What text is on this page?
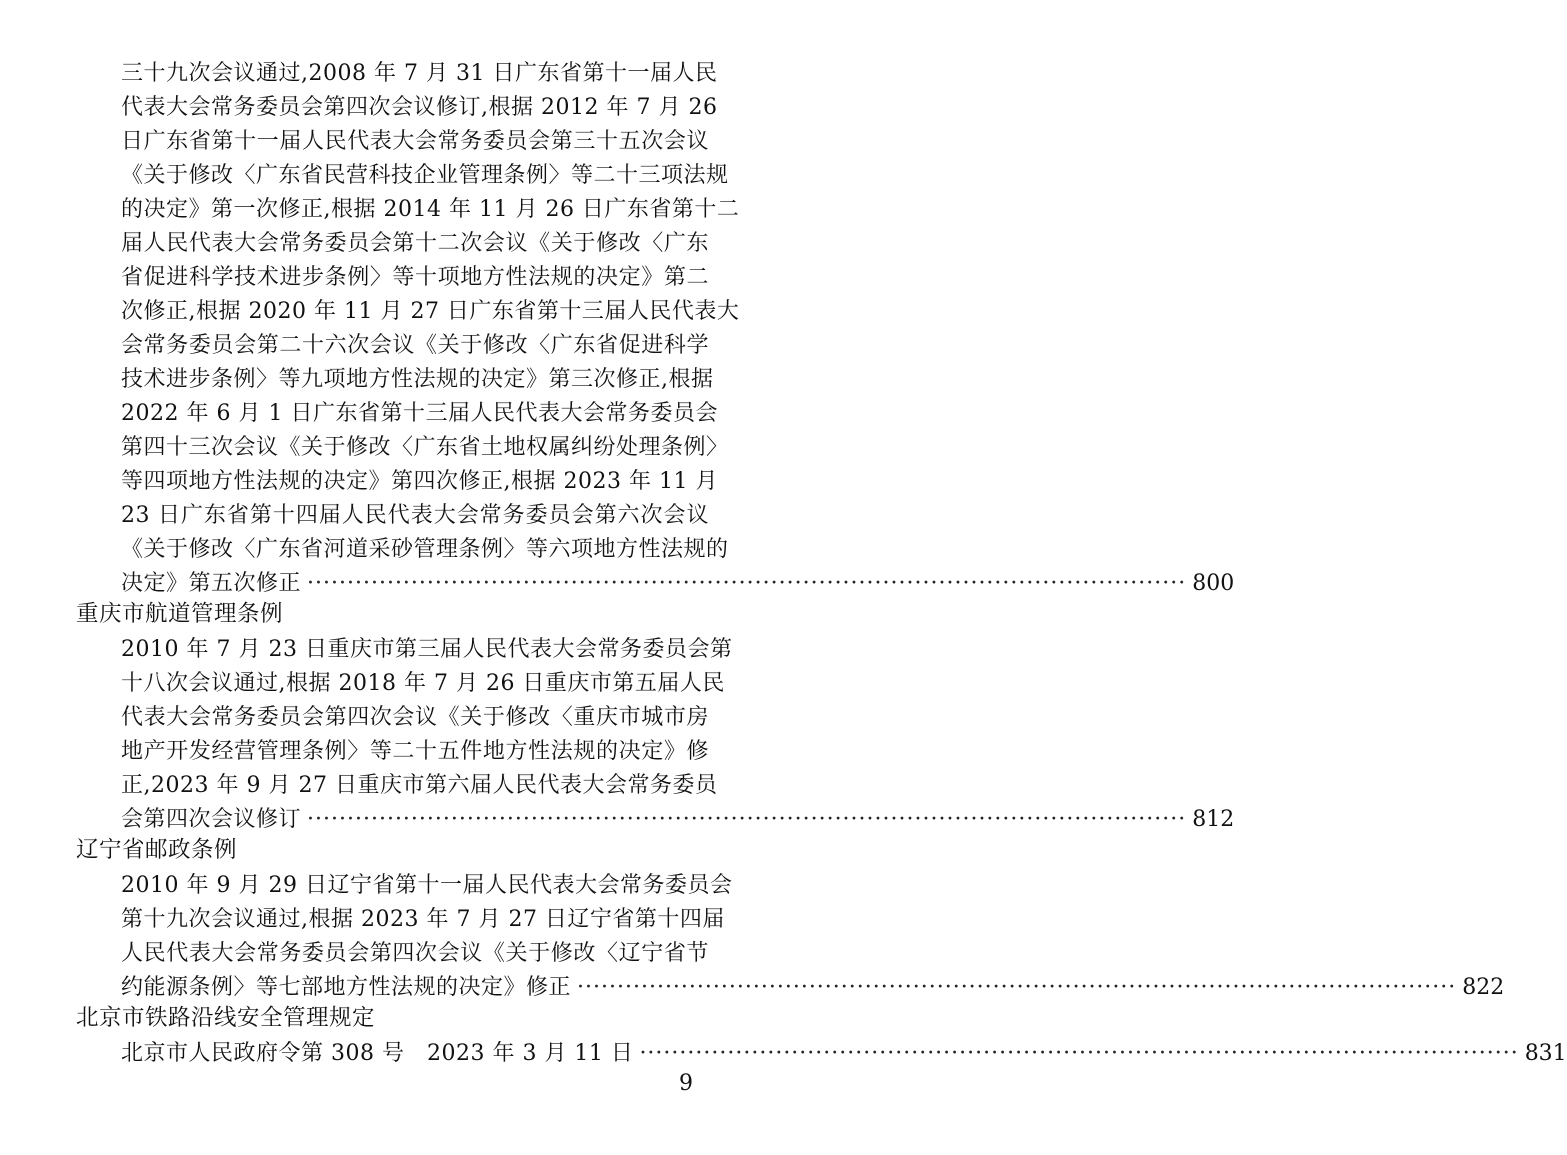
三十九次会议通过,2008 年 7 月 31 日广东省第十一届人民
代表大会常务委员会第四次会议修订,根据 2012 年 7 月 26
日广东省第十一届人民代表大会常务委员会第三十五次会议
《关于修改〈广东省民营科技企业管理条例〉等二十三项法规
的决定》第一次修正,根据 2014 年 11 月 26 日广东省第十二
届人民代表大会常务委员会第十二次会议《关于修改〈广东
省促进科学技术进步条例〉等十项地方性法规的决定》第二
次修正,根据 2020 年 11 月 27 日广东省第十三届人民代表大
会常务委员会第二十六次会议《关于修改〈广东省促进科学
技术进步条例〉等九项地方性法规的决定》第三次修正,根据
2022 年 6 月 1 日广东省第十三届人民代表大会常务委员会
第四十三次会议《关于修改〈广东省土地权属纠纷处理条例〉
等四项地方性法规的决定》第四次修正,根据 2023 年 11 月
23 日广东省第十四届人民代表大会常务委员会第六次会议
《关于修改〈广东省河道采砂管理条例〉等六项地方性法规的
决定》第五次修正 ·············································································································· 800
重庆市航道管理条例
2010 年 7 月 23 日重庆市第三届人民代表大会常务委员会第
十八次会议通过,根据 2018 年 7 月 26 日重庆市第五届人民
代表大会常务委员会第四次会议《关于修改〈重庆市城市房
地产开发经营管理条例〉等二十五件地方性法规的决定》修
正,2023 年 9 月 27 日重庆市第六届人民代表大会常务委员
会第四次会议修订 ·············································································································· 812
辽宁省邮政条例
2010 年 9 月 29 日辽宁省第十一届人民代表大会常务委员会
第十九次会议通过,根据 2023 年 7 月 27 日辽宁省第十四届
人民代表大会常务委员会第四次会议《关于修改〈辽宁省节
约能源条例〉等七部地方性法规的决定》修正 ·············································································································· 822
北京市铁路沿线安全管理规定
北京市人民政府令第 308 号　2023 年 3 月 11 日 ·············································································································· 831
9
